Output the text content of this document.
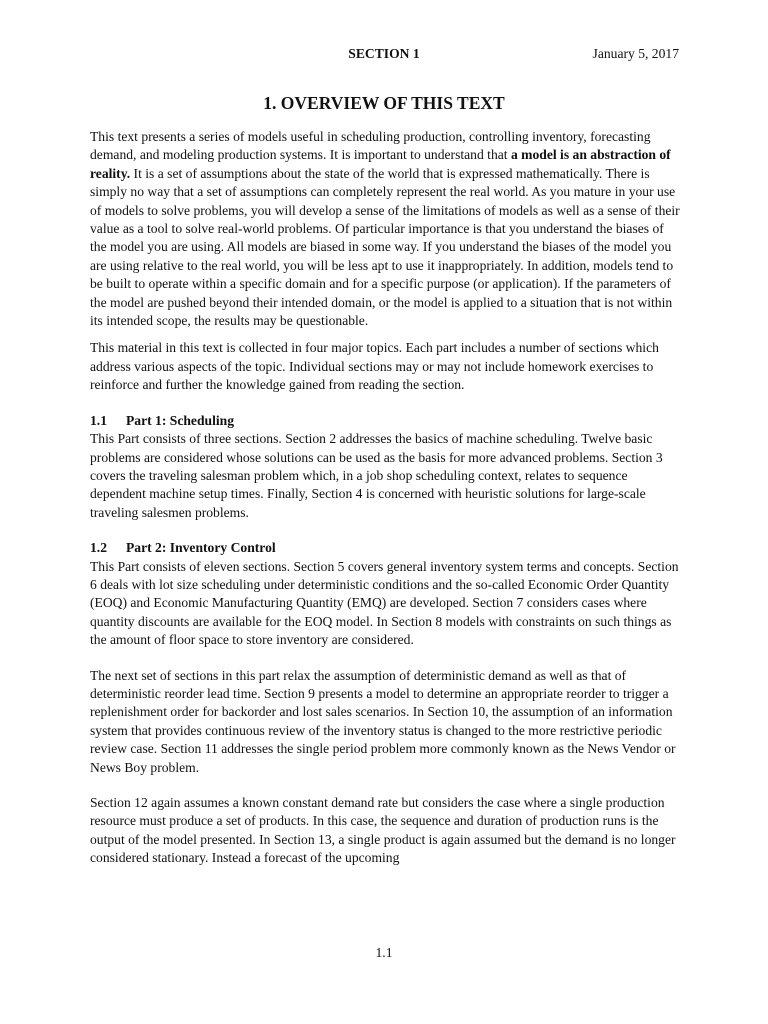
SECTION 1	January 5, 2017
1. OVERVIEW OF THIS TEXT

This text presents a series of models useful in scheduling production, controlling inventory, forecasting demand, and modeling production systems. It is important to understand that a model is an abstraction of reality. It is a set of assumptions about the state of the world that is expressed mathematically. There is simply no way that a set of assumptions can completely represent the real world. As you mature in your use of models to solve problems, you will develop a sense of the limitations of models as well as a sense of their value as a tool to solve real-world problems. Of particular importance is that you understand the biases of the model you are using. All models are biased in some way. If you understand the biases of the model you are using relative to the real world, you will be less apt to use it inappropriately. In addition, models tend to be built to operate within a specific domain and for a specific purpose (or application). If the parameters of the model are pushed beyond their intended domain, or the model is applied to a situation that is not within its intended scope, the results may be questionable.

This material in this text is collected in four major topics. Each part includes a number of sections which address various aspects of the topic. Individual sections may or may not include homework exercises to reinforce and further the knowledge gained from reading the section.

1.1 Part 1: Scheduling

This Part consists of three sections. Section 2 addresses the basics of machine scheduling. Twelve basic problems are considered whose solutions can be used as the basis for more advanced problems. Section 3 covers the traveling salesman problem which, in a job shop scheduling context, relates to sequence dependent machine setup times. Finally, Section 4 is concerned with heuristic solutions for large-scale traveling salesmen problems.

1.2 Part 2: Inventory Control

This Part consists of eleven sections. Section 5 covers general inventory system terms and concepts. Section 6 deals with lot size scheduling under deterministic conditions and the so-called Economic Order Quantity (EOQ) and Economic Manufacturing Quantity (EMQ) are developed. Section 7 considers cases where quantity discounts are available for the EOQ model. In Section 8 models with constraints on such things as the amount of floor space to store inventory are considered.

The next set of sections in this part relax the assumption of deterministic demand as well as that of deterministic reorder lead time. Section 9 presents a model to determine an appropriate reorder to trigger a replenishment order for backorder and lost sales scenarios. In Section 10, the assumption of an information system that provides continuous review of the inventory status is changed to the more restrictive periodic review case. Section 11 addresses the single period problem more commonly known as the News Vendor or News Boy problem.

Section 12 again assumes a known constant demand rate but considers the case where a single production resource must produce a set of products. In this case, the sequence and duration of production runs is the output of the model presented. In Section 13, a single product is again assumed but the demand is no longer considered stationary. Instead a forecast of the upcoming

1.1
